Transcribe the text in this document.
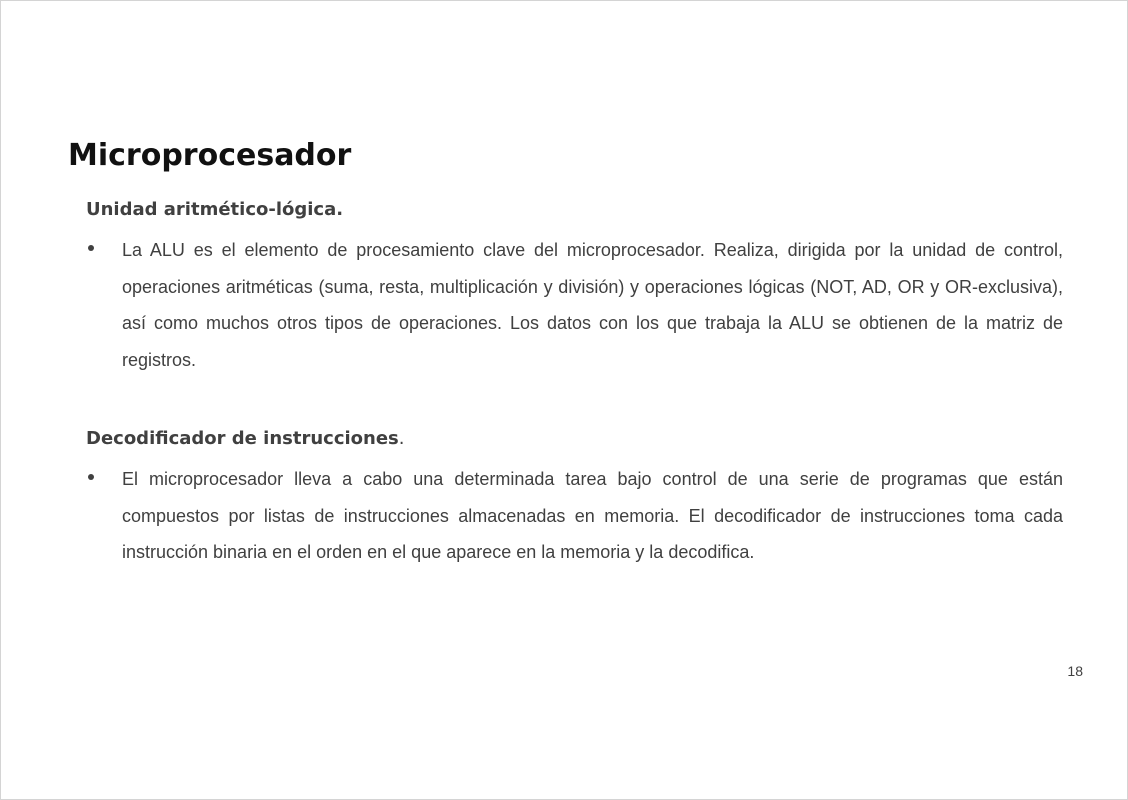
Microprocesador

Unidad aritmético-lógica.

La ALU es el elemento de procesamiento clave del microprocesador. Realiza, dirigida por la unidad de control, operaciones aritméticas (suma, resta, multiplicación y división) y operaciones lógicas (NOT, AD, OR y OR-exclusiva), así como muchos otros tipos de operaciones. Los datos con los que trabaja la ALU se obtienen de la matriz de registros.

Decodificador de instrucciones.

El microprocesador lleva a cabo una determinada tarea bajo control de una serie de programas que están compuestos por listas de instrucciones almacenadas en memoria. El decodificador de instrucciones toma cada instrucción binaria en el orden en el que aparece en la memoria y la decodifica.

18
